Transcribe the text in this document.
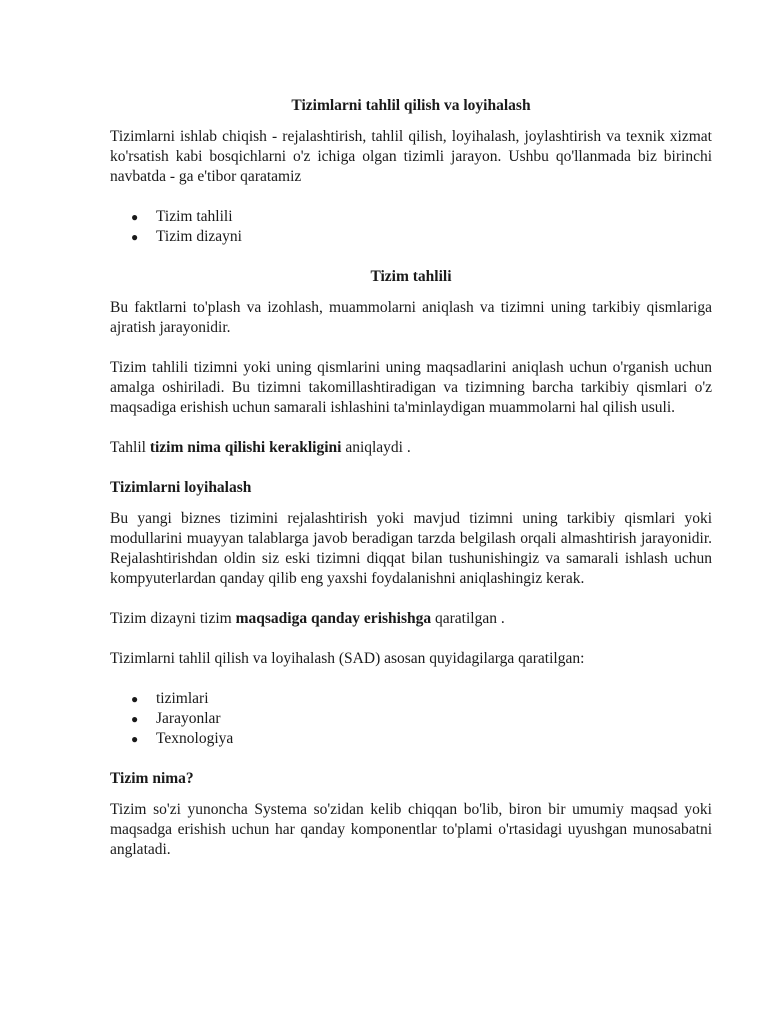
Tizimlarni tahlil qilish va loyihalash

Tizimlarni ishlab chiqish - rejalashtirish, tahlil qilish, loyihalash, joylashtirish va texnik xizmat ko'rsatish kabi bosqichlarni o'z ichiga olgan tizimli jarayon. Ushbu qo'llanmada biz birinchi navbatda - ga e'tibor qaratamiz

● Tizim tahlili
● Tizim dizayni
Tizim tahlili

Bu faktlarni to'plash va izohlash, muammolarni aniqlash va tizimni uning tarkibiy qismlariga ajratish jarayonidir.

Tizim tahlili tizimni yoki uning qismlarini uning maqsadlarini aniqlash uchun o'rganish uchun amalga oshiriladi. Bu tizimni takomillashtiradigan va tizimning barcha tarkibiy qismlari o'z maqsadiga erishish uchun samarali ishlashini ta'minlaydigan muammolarni hal qilish usuli.

Tahlil tizim nima qilishi kerakligini aniqlaydi .

Tizimlarni loyihalash

Bu yangi biznes tizimini rejalashtirish yoki mavjud tizimni uning tarkibiy qismlari yoki modullarini muayyan talablarga javob beradigan tarzda belgilash orqali almashtirish jarayonidir. Rejalashtirishdan oldin siz eski tizimni diqqat bilan tushunishingiz va samarali ishlash uchun kompyuterlardan qanday qilib eng yaxshi foydalanishni aniqlashingiz kerak.

Tizim dizayni tizim maqsadiga qanday erishishga qaratilgan .

Tizimlarni tahlil qilish va loyihalash (SAD) asosan quyidagilarga qaratilgan:

● tizimlari
● Jarayonlar
● Texnologiya
Tizim nima?

Tizim so'zi yunoncha Systema so'zidan kelib chiqqan bo'lib, biron bir umumiy maqsad yoki maqsadga erishish uchun har qanday komponentlar to'plami o'rtasidagi uyushgan munosabatni anglatadi.
